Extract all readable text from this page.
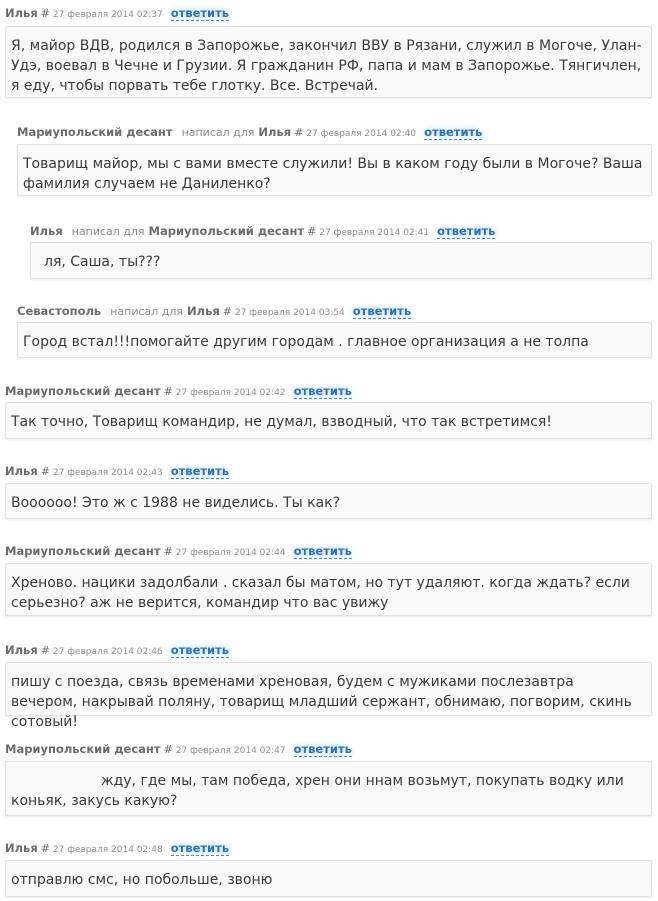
Илья # 27 февраля 2014 02:37 ответить
Я, майор ВДВ, родился в Запорожье, закончил ВВУ в Рязани, служил в Могоче, Улан-Удэ, воевал в Чечне и Грузии. Я гражданин РФ, папа и мам в Запорожье. Тянгичлен, я еду, чтобы порвать тебе глотку. Все. Встречай.
Мариупольский десант написал для Илья # 27 февраля 2014 02:40 ответить
Товарищ майор, мы с вами вместе служили! Вы в каком году были в Могоче? Ваша фамилия случаем не Даниленко?
Илья написал для Мариупольский десант # 27 февраля 2014 02:41 ответить
ля, Саша, ты???
Севастополь написал для Илья # 27 февраля 2014 03:54 ответить
Город встал!!!помогайте другим городам . главное организация а не толпа
Мариупольский десант # 27 февраля 2014 02:42 ответить
Так точно, Товарищ командир, не думал, взводный, что так встретимся!
Илья # 27 февраля 2014 02:43 ответить
Воооооо! Это ж с 1988 не виделись. Ты как?
Мариупольский десант # 27 февраля 2014 02:44 ответить
Хреново. нацики задолбали . сказал бы матом, но тут удаляют. когда ждать? если серьезно? аж не верится, командир что вас увижу
Илья # 27 февраля 2014 02:46 ответить
пишу с поезда, связь временами хреновая, будем с мужиками послезавтра вечером, накрывай поляну, товарищ младший сержант, обнимаю, погворим, скинь сотовый!
Мариупольский десант # 27 февраля 2014 02:47 ответить
жду, где мы, там победа, хрен они ннам возьмут, покупать водку или коньяк, закусь какую?
Илья # 27 февраля 2014 02:48 ответить
отправлю смс, но побольше, звоню
